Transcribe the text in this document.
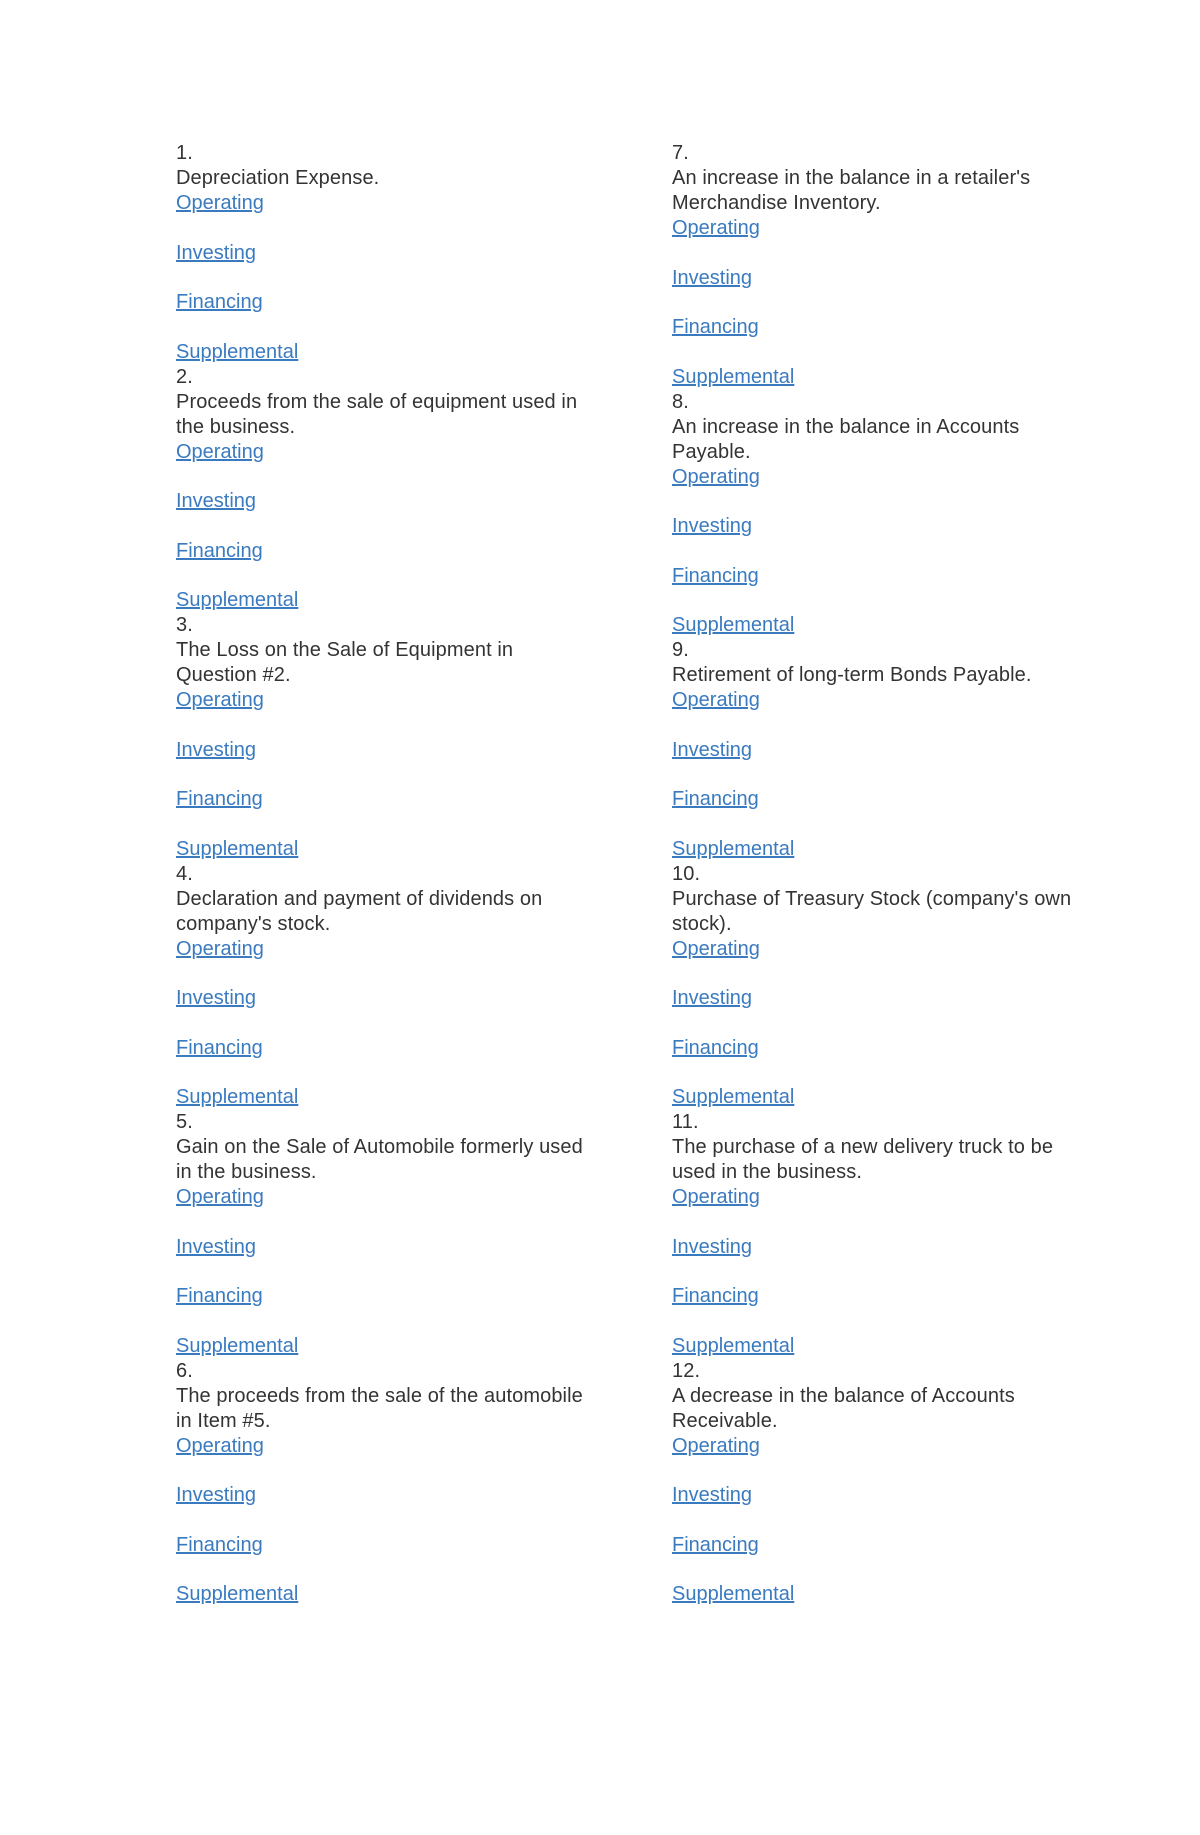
1.

Depreciation Expense.

Operating
Investing
Financing
Supplemental

2.

Proceeds from the sale of equipment used in the business.

Operating
Investing
Financing
Supplemental

3.

The Loss on the Sale of Equipment in Question #2.

Operating
Investing
Financing
Supplemental

4.

Declaration and payment of dividends on company's stock.

Operating
Investing
Financing
Supplemental

5.

Gain on the Sale of Automobile formerly used in the business.

Operating
Investing
Financing
Supplemental

6.

The proceeds from the sale of the automobile in Item #5.

Operating
Investing
Financing
Supplemental

7.

An increase in the balance in a retailer's Merchandise Inventory.

Operating
Investing
Financing
Supplemental

8.

An increase in the balance in Accounts Payable.

Operating
Investing
Financing
Supplemental

9.

Retirement of long-term Bonds Payable.

Operating
Investing
Financing
Supplemental

10.

Purchase of Treasury Stock (company's own stock).

Operating
Investing
Financing
Supplemental

11.

The purchase of a new delivery truck to be used in the business.

Operating
Investing
Financing
Supplemental

12.

A decrease in the balance of Accounts Receivable.

Operating
Investing
Financing
Supplemental
